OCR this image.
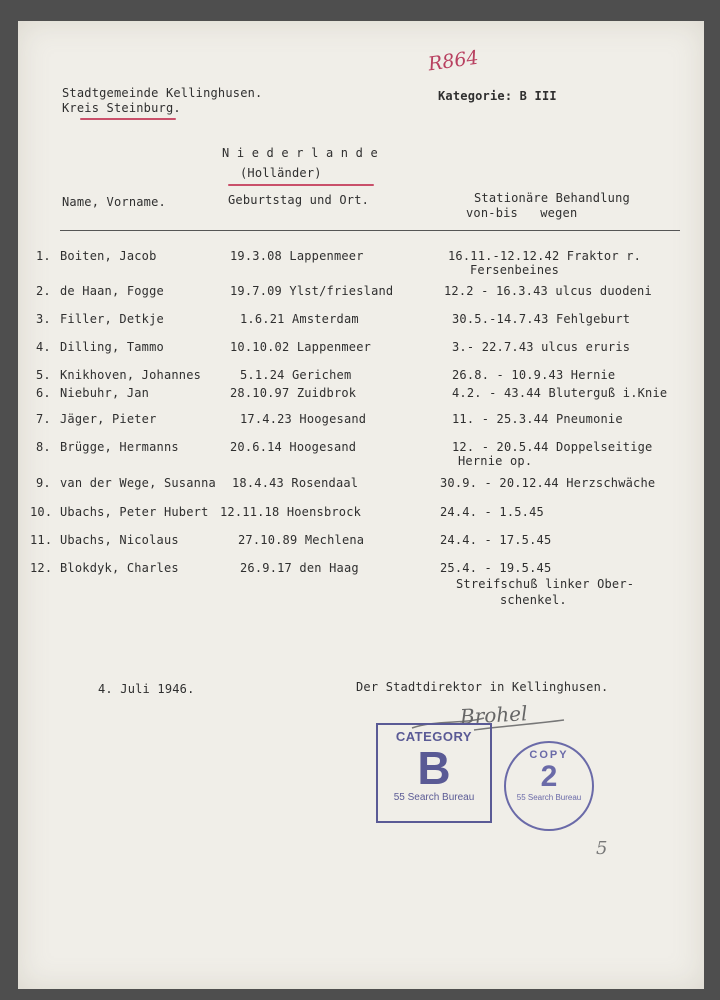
Stadtgemeinde Kellinghusen.
Kreis Steinburg.
Kategorie: B III
R864
N i e d e r l a n d e
(Holländer)
Name, Vorname.	Geburtstag und Ort.	Stationäre Behandlung
von-bis   wegen
1. Boiten, Jacob	19.3.08 Lappenmeer	16.11.-12.12.42 Fraktor r.
Fersenbeines
2. de Haan, Fogge	19.7.09 Ylst/friesland	12.2 - 16.3.43 ulcus duodeni
3. Filler, Detkje	1.6.21 Amsterdam	30.5.-14.7.43 Fehlgeburt
4. Dilling, Tammo	10.10.02 Lappenmeer	3.- 22.7.43 ulcus eruris
5. Knikhoven, Johannes	5.1.24 Gerichem	26.8. - 10.9.43 Hernie
6. Niebuhr, Jan	28.10.97 Zuidbrok	4.2. - 43.44 Bluterguß i.Knie
7. Jäger, Pieter	17.4.23 Hoogesand	11. - 25.3.44 Pneumonie
8. Brügge, Hermanns	20.6.14 Hoogesand	12. - 20.5.44 Doppelseitige
Hernie op.
9. van der Wege, Susanna 18.4.43 Rosendaal	30.9. - 20.12.44 Herzschwäche
10. Ubachs, Peter Hubert 12.11.18 Hoensbrock	24.4. - 1.5.45
11. Ubachs, Nicolaus	27.10.89 Mechlena	24.4. - 17.5.45
12. Blokdyk, Charles	26.9.17 den Haag	25.4. - 19.5.45
Streifschuß linker Ober-
schenkel.
4. Juli 1946.	Der Stadtdirektor in Kellinghusen.
Brohel
CATEGORY
B
55 Search Bureau
COPY
2
55 Search Bureau
5
